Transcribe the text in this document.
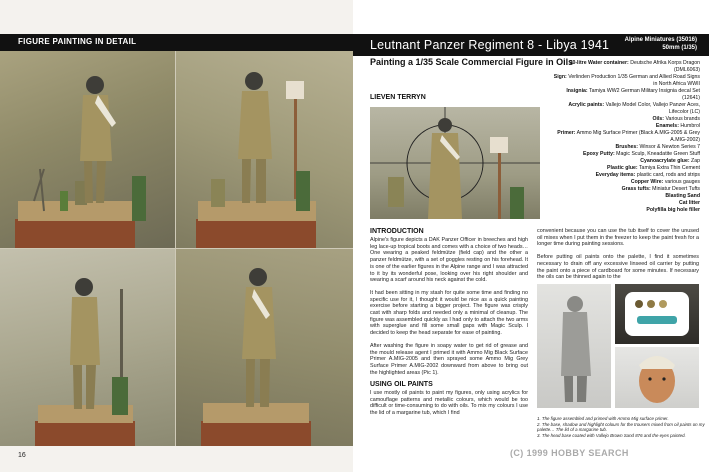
FIGURE PAINTING IN DETAIL
16
Leutnant Panzer Regiment 8 - Libya 1941	Alpine Miniatures (35016)
50mm (1/35)
Painting a 1/35 Scale Commercial Figure in Oils
LIEVEN TERRYN
10-litre Water container: Deutsche Afrika Korps Dragon (DML6063)
Sign: Verlinden Production 1/35 German and Allied Road Signs in North Africa WWII
Insignia: Tamiya WW2 German Military Insignia decal Set (12641)
Acrylic paints: Vallejo Model Color, Vallejo Panzer Aces, Lifecolor (LC)
Oils: Various brands
Enamels: Humbrol
Primer: Ammo Mig Surface Primer (Black A.MIG-2005 & Grey A.MIG-2002)
Brushes: Winsor & Newton Series 7
Epoxy Putty: Magic Sculp, Kneadatite Green Stuff
Cyanoacrylate glue: Zap
Plastic glue: Tamiya Extra Thin Cement
Everyday items: plastic card, rods and strips
Copper Wire: various gauges
Grass tufts: Miniatur Desert Tufts
Blasting Sand
Cat litter
Polyfilla big hole filler
INTRODUCTION

Alpine's figure depicts a DAK Panzer Officer in breeches and high leg lace-up tropical boots and comes with a choice of two heads… One wearing a peaked feldmütze (field cap) and the other a panzer feldmütze, with a set of goggles resting on his forehead. It is one of the earlier figures in the Alpine range and I was attracted to it by its wonderful pose, looking over his right shoulder and wearing a scarf around his neck against the cold.

It had been sitting in my stash for quite some time and finding no specific use for it, I thought it would be nice as a quick painting exercise before starting a bigger project. The figure was crisply cast with sharp folds and needed only a minimal of cleanup. The figure was assembled quickly as I had only to attach the two arms with superglue and fill some small gaps with Magic Sculp. I decided to keep the head separate for ease of painting.

After washing the figure in soapy water to get rid of grease and the mould release agent I primed it with Ammo Mig Black Surface Primer A.MIG-2005 and then sprayed some Ammo Mig Grey Surface Primer A.MIG-2002 downward from above to bring out the highlighted areas (Pic 1).

USING OIL PAINTS

I use mostly oil paints to paint my figures, only using acrylics for camouflage patterns and metallic colours, which would be too difficult or time-consuming to do with oils. To mix my colours I use the lid of a margarine tub, which I find

convenient because you can use the tub itself to cover the unused oil mixes when I put them in the freezer to keep the paint fresh for a longer time during painting sessions.

Before putting oil paints onto the palette, I find it sometimes necessary to drain off any excessive linseed oil carrier by putting the paint onto a piece of cardboard for some minutes. If necessary the oils can be thinned again to the

1. The figure assembled and primed with Ammo Mig surface primer.
2. The base, shadow and highlight colours for the trousers mixed from oil paints on my palette… The lid of a margarine tub.
3. The head base coated with Vallejo Brown Sand 876 and the eyes painted.
(C) 1999 HOBBY SEARCH
